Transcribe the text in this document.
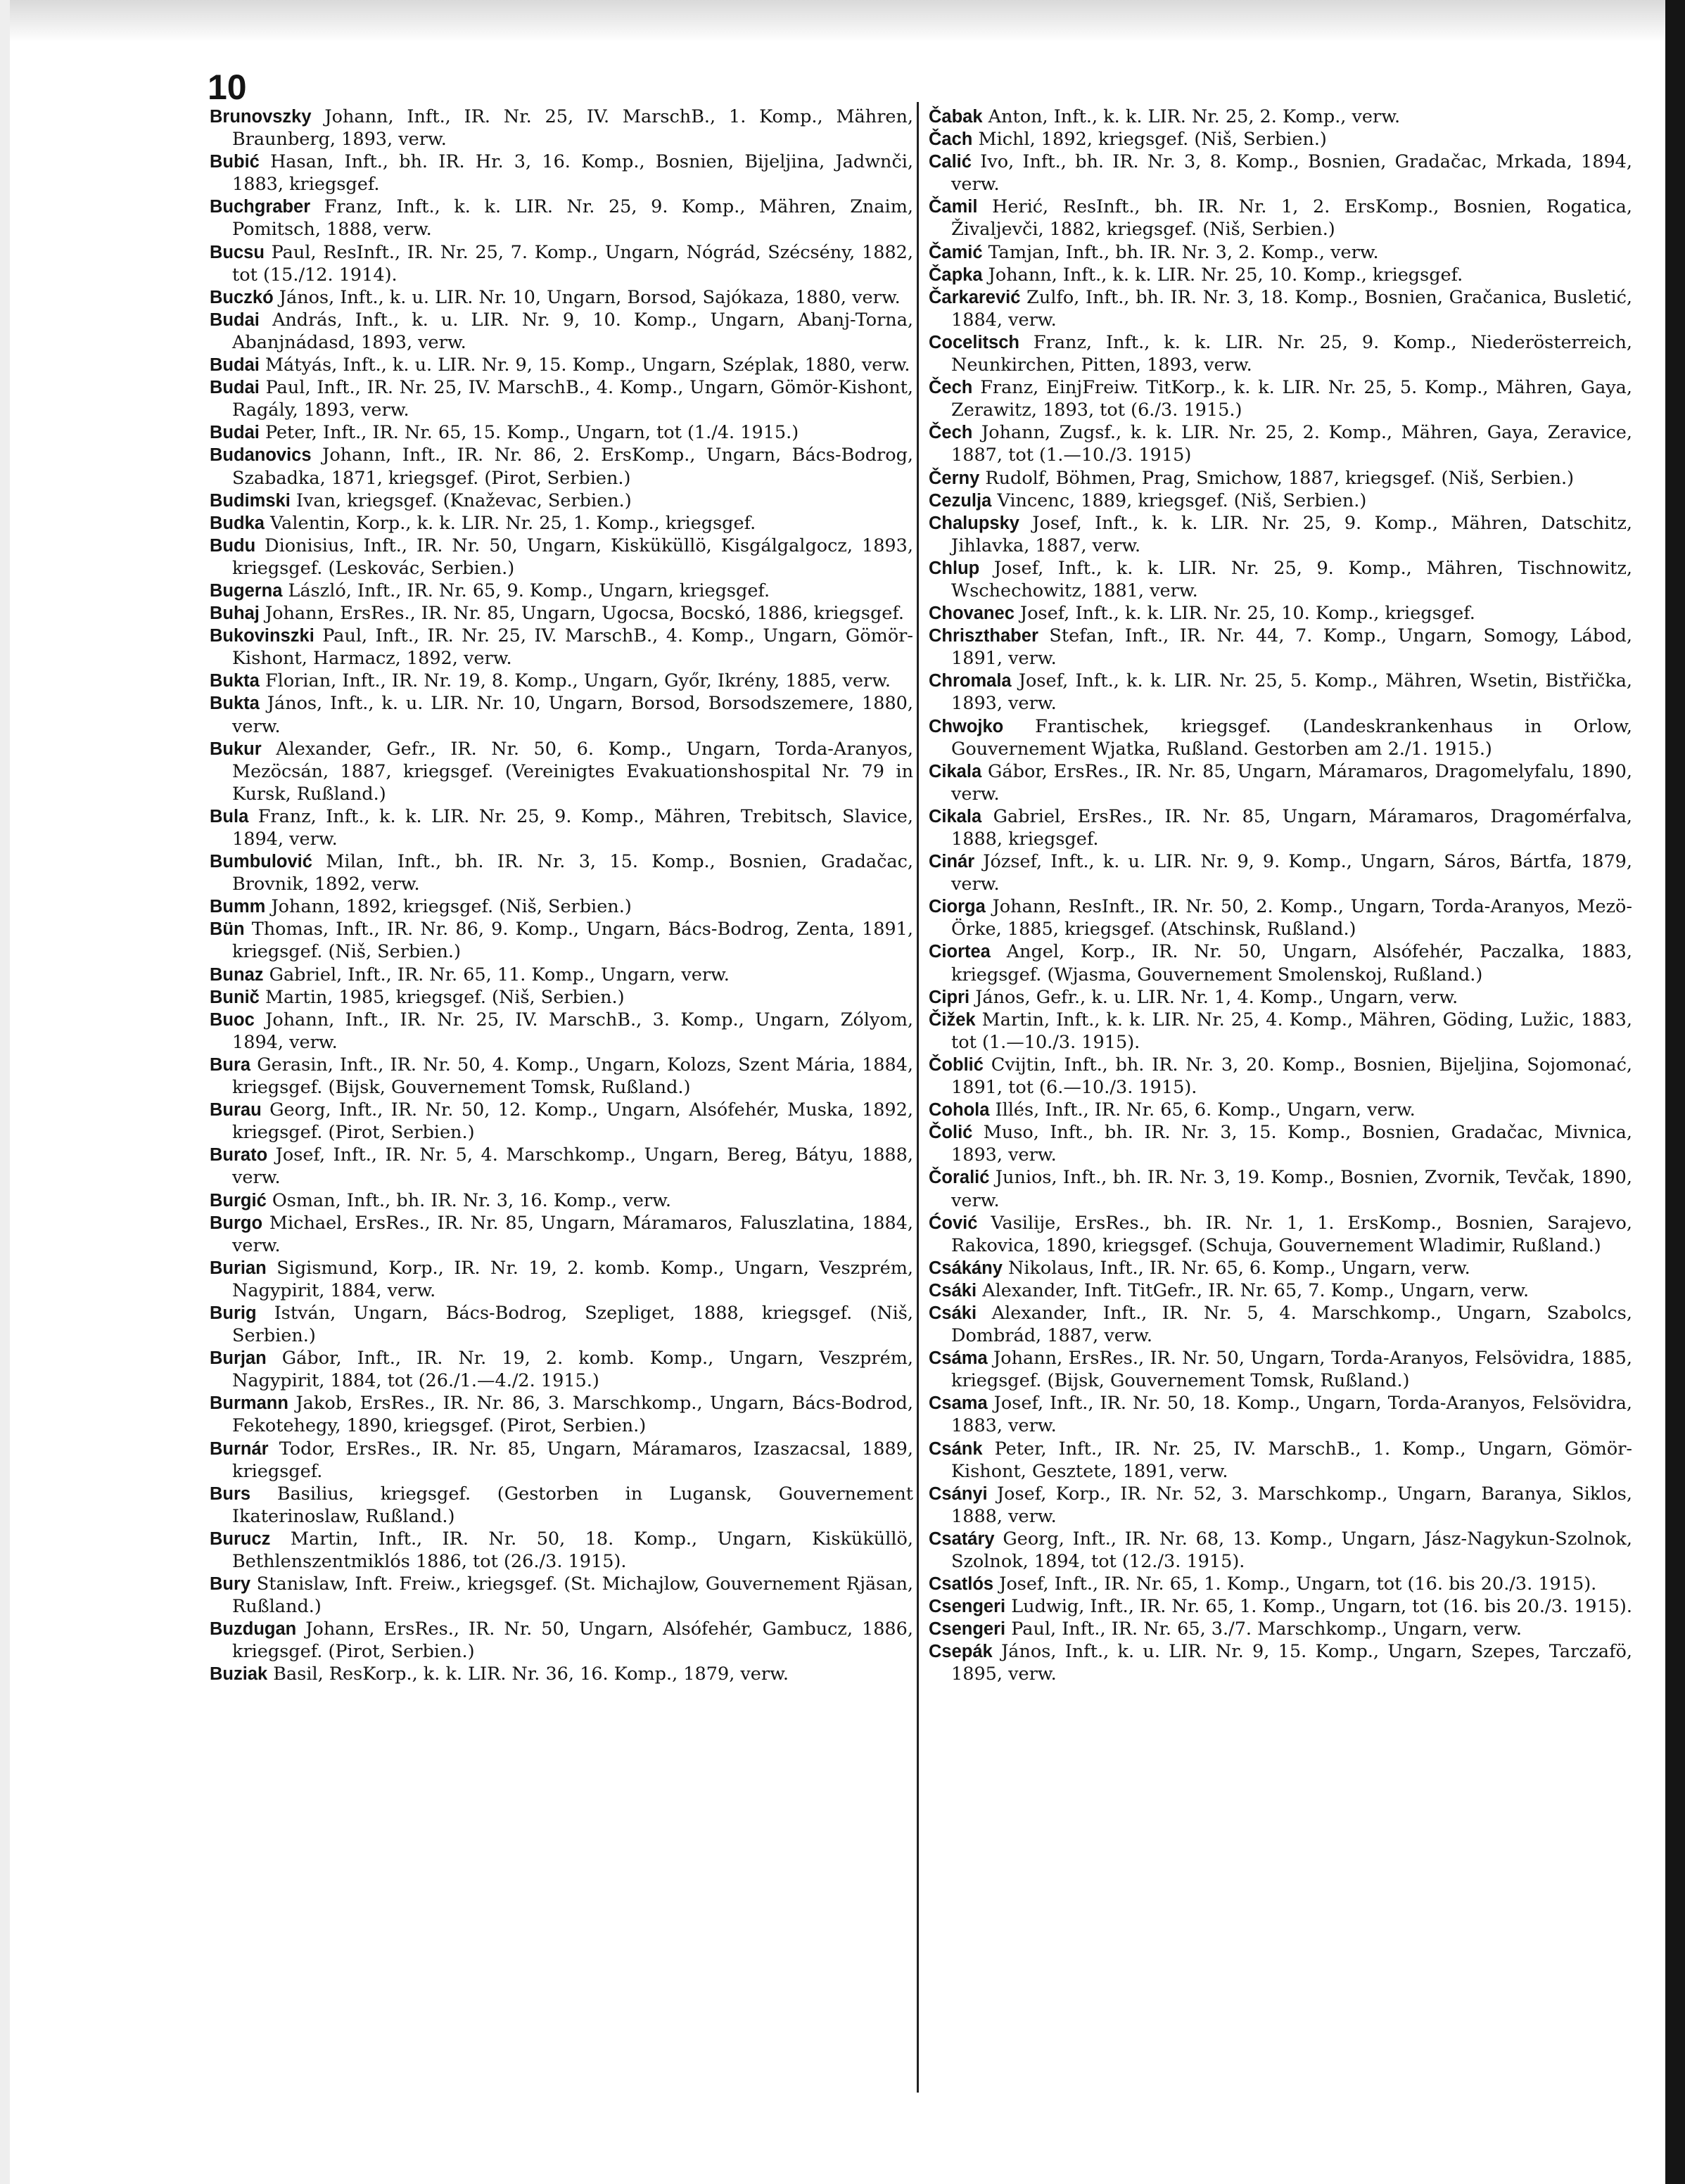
10

Brunovszky Johann, Inft., IR. Nr. 25, IV. MarschB., 1. Komp., Mähren, Braunberg, 1893, verw.

Bubić Hasan, Inft., bh. IR. Hr. 3, 16. Komp., Bosnien, Bijeljina, Jadwnči, 1883, kriegsgef.

Buchgraber Franz, Inft., k. k. LIR. Nr. 25, 9. Komp., Mähren, Znaim, Pomitsch, 1888, verw.

Bucsu Paul, ResInft., IR. Nr. 25, 7. Komp., Ungarn, Nógrád, Szécsény, 1882, tot (15./12. 1914).

Buczkó János, Inft., k. u. LIR. Nr. 10, Ungarn, Borsod, Sajókaza, 1880, verw.

Budai András, Inft., k. u. LIR. Nr. 9, 10. Komp., Ungarn, Abanj-Torna, Abanjnádasd, 1893, verw.

Budai Mátyás, Inft., k. u. LIR. Nr. 9, 15. Komp., Ungarn, Széplak, 1880, verw.

Budai Paul, Inft., IR. Nr. 25, IV. MarschB., 4. Komp., Ungarn, Gömör-Kishont, Ragály, 1893, verw.

Budai Peter, Inft., IR. Nr. 65, 15. Komp., Ungarn, tot (1./4. 1915.)

Budanovics Johann, Inft., IR. Nr. 86, 2. ErsKomp., Ungarn, Bács-Bodrog, Szabadka, 1871, kriegsgef. (Pirot, Serbien.)

Budimski Ivan, kriegsgef. (Knaževac, Serbien.)

Budka Valentin, Korp., k. k. LIR. Nr. 25, 1. Komp., kriegsgef.

Budu Dionisius, Inft., IR. Nr. 50, Ungarn, Kisküküllö, Kisgálgalgocz, 1893, kriegsgef. (Leskovác, Serbien.)

Bugerna László, Inft., IR. Nr. 65, 9. Komp., Ungarn, kriegsgef.

Buhaj Johann, ErsRes., IR. Nr. 85, Ungarn, Ugocsa, Bocskó, 1886, kriegsgef.

Bukovinszki Paul, Inft., IR. Nr. 25, IV. MarschB., 4. Komp., Ungarn, Gömör-Kishont, Harmacz, 1892, verw.

Bukta Florian, Inft., IR. Nr. 19, 8. Komp., Ungarn, Győr, Ikrény, 1885, verw.

Bukta János, Inft., k. u. LIR. Nr. 10, Ungarn, Borsod, Borsodszemere, 1880, verw.

Bukur Alexander, Gefr., IR. Nr. 50, 6. Komp., Ungarn, Torda-Aranyos, Mezöcsán, 1887, kriegsgef. (Vereinigtes Evakuationshospital Nr. 79 in Kursk, Rußland.)

Bula Franz, Inft., k. k. LIR. Nr. 25, 9. Komp., Mähren, Trebitsch, Slavice, 1894, verw.

Bumbulović Milan, Inft., bh. IR. Nr. 3, 15. Komp., Bosnien, Gradačac, Brovnik, 1892, verw.

Bumm Johann, 1892, kriegsgef. (Niš, Serbien.)

Bün Thomas, Inft., IR. Nr. 86, 9. Komp., Ungarn, Bács-Bodrog, Zenta, 1891, kriegsgef. (Niš, Serbien.)

Bunaz Gabriel, Inft., IR. Nr. 65, 11. Komp., Ungarn, verw.

Bunič Martin, 1985, kriegsgef. (Niš, Serbien.)

Buoc Johann, Inft., IR. Nr. 25, IV. MarschB., 3. Komp., Ungarn, Zólyom, 1894, verw.

Bura Gerasin, Inft., IR. Nr. 50, 4. Komp., Ungarn, Kolozs, Szent Mária, 1884, kriegsgef. (Bijsk, Gouvernement Tomsk, Rußland.)

Burau Georg, Inft., IR. Nr. 50, 12. Komp., Ungarn, Alsófehér, Muska, 1892, kriegsgef. (Pirot, Serbien.)

Burato Josef, Inft., IR. Nr. 5, 4. Marschkomp., Ungarn, Bereg, Bátyu, 1888, verw.

Burgić Osman, Inft., bh. IR. Nr. 3, 16. Komp., verw.

Burgo Michael, ErsRes., IR. Nr. 85, Ungarn, Máramaros, Faluszlatina, 1884, verw.

Burian Sigismund, Korp., IR. Nr. 19, 2. komb. Komp., Ungarn, Veszprém, Nagypirit, 1884, verw.

Burig István, Ungarn, Bács-Bodrog, Szepliget, 1888, kriegsgef. (Niš, Serbien.)

Burjan Gábor, Inft., IR. Nr. 19, 2. komb. Komp., Ungarn, Veszprém, Nagypirit, 1884, tot (26./1.—4./2. 1915.)

Burmann Jakob, ErsRes., IR. Nr. 86, 3. Marschkomp., Ungarn, Bács-Bodrod, Fekotehegy, 1890, kriegsgef. (Pirot, Serbien.)

Burnár Todor, ErsRes., IR. Nr. 85, Ungarn, Máramaros, Izaszacsal, 1889, kriegsgef.

Burs Basilius, kriegsgef. (Gestorben in Lugansk, Gouvernement Ikaterinoslaw, Rußland.)

Burucz Martin, Inft., IR. Nr. 50, 18. Komp., Ungarn, Kisküküllö, Bethlenszentmiklós 1886, tot (26./3. 1915).

Bury Stanislaw, Inft. Freiw., kriegsgef. (St. Michajlow, Gouvernement Rjäsan, Rußland.)

Buzdugan Johann, ErsRes., IR. Nr. 50, Ungarn, Alsófehér, Gambucz, 1886, kriegsgef. (Pirot, Serbien.)

Buziak Basil, ResKorp., k. k. LIR. Nr. 36, 16. Komp., 1879, verw.

Čabak Anton, Inft., k. k. LIR. Nr. 25, 2. Komp., verw.

Čach Michl, 1892, kriegsgef. (Niš, Serbien.)

Calić Ivo, Inft., bh. IR. Nr. 3, 8. Komp., Bosnien, Gradačac, Mrkada, 1894, verw.

Čamil Herić, ResInft., bh. IR. Nr. 1, 2. ErsKomp., Bosnien, Rogatica, Živaljevči, 1882, kriegsgef. (Niš, Serbien.)

Čamić Tamjan, Inft., bh. IR. Nr. 3, 2. Komp., verw.

Čapka Johann, Inft., k. k. LIR. Nr. 25, 10. Komp., kriegsgef.

Čarkarević Zulfo, Inft., bh. IR. Nr. 3, 18. Komp., Bosnien, Gračanica, Busletić, 1884, verw.

Cocelitsch Franz, Inft., k. k. LIR. Nr. 25, 9. Komp., Niederösterreich, Neunkirchen, Pitten, 1893, verw.

Čech Franz, EinjFreiw. TitKorp., k. k. LIR. Nr. 25, 5. Komp., Mähren, Gaya, Zerawitz, 1893, tot (6./3. 1915.)

Čech Johann, Zugsf., k. k. LIR. Nr. 25, 2. Komp., Mähren, Gaya, Zeravice, 1887, tot (1.—10./3. 1915)

Černy Rudolf, Böhmen, Prag, Smichow, 1887, kriegsgef. (Niš, Serbien.)

Cezulja Vincenc, 1889, kriegsgef. (Niš, Serbien.)

Chalupsky Josef, Inft., k. k. LIR. Nr. 25, 9. Komp., Mähren, Datschitz, Jihlavka, 1887, verw.

Chlup Josef, Inft., k. k. LIR. Nr. 25, 9. Komp., Mähren, Tischnowitz, Wschechowitz, 1881, verw.

Chovanec Josef, Inft., k. k. LIR. Nr. 25, 10. Komp., kriegsgef.

Chriszthaber Stefan, Inft., IR. Nr. 44, 7. Komp., Ungarn, Somogy, Lábod, 1891, verw.

Chromala Josef, Inft., k. k. LIR. Nr. 25, 5. Komp., Mähren, Wsetin, Bistřička, 1893, verw.

Chwojko Frantischek, kriegsgef. (Landeskrankenhaus in Orlow, Gouvernement Wjatka, Rußland. Gestorben am 2./1. 1915.)

Cikala Gábor, ErsRes., IR. Nr. 85, Ungarn, Máramaros, Dragomelyfalu, 1890, verw.

Cikala Gabriel, ErsRes., IR. Nr. 85, Ungarn, Máramaros, Dragomérfalva, 1888, kriegsgef.

Cinár József, Inft., k. u. LIR. Nr. 9, 9. Komp., Ungarn, Sáros, Bártfa, 1879, verw.

Ciorga Johann, ResInft., IR. Nr. 50, 2. Komp., Ungarn, Torda-Aranyos, Mezö-Örke, 1885, kriegsgef. (Atschinsk, Rußland.)

Ciortea Angel, Korp., IR. Nr. 50, Ungarn, Alsófehér, Paczalka, 1883, kriegsgef. (Wjasma, Gouvernement Smolenskoj, Rußland.)

Cipri János, Gefr., k. u. LIR. Nr. 1, 4. Komp., Ungarn, verw.

Čižek Martin, Inft., k. k. LIR. Nr. 25, 4. Komp., Mähren, Göding, Lužic, 1883, tot (1.—10./3. 1915).

Čoblić Cvijtin, Inft., bh. IR. Nr. 3, 20. Komp., Bosnien, Bijeljina, Sojomonać, 1891, tot (6.—10./3. 1915).

Cohola Illés, Inft., IR. Nr. 65, 6. Komp., Ungarn, verw.

Čolić Muso, Inft., bh. IR. Nr. 3, 15. Komp., Bosnien, Gradačac, Mivnica, 1893, verw.

Čoralić Junios, Inft., bh. IR. Nr. 3, 19. Komp., Bosnien, Zvornik, Tevčak, 1890, verw.

Ćović Vasilije, ErsRes., bh. IR. Nr. 1, 1. ErsKomp., Bosnien, Sarajevo, Rakovica, 1890, kriegsgef. (Schuja, Gouvernement Wladimir, Rußland.)

Csákány Nikolaus, Inft., IR. Nr. 65, 6. Komp., Ungarn, verw.

Csáki Alexander, Inft. TitGefr., IR. Nr. 65, 7. Komp., Ungarn, verw.

Csáki Alexander, Inft., IR. Nr. 5, 4. Marschkomp., Ungarn, Szabolcs, Dombrád, 1887, verw.

Csáma Johann, ErsRes., IR. Nr. 50, Ungarn, Torda-Aranyos, Felsövidra, 1885, kriegsgef. (Bijsk, Gouvernement Tomsk, Rußland.)

Csama Josef, Inft., IR. Nr. 50, 18. Komp., Ungarn, Torda-Aranyos, Felsövidra, 1883, verw.

Csánk Peter, Inft., IR. Nr. 25, IV. MarschB., 1. Komp., Ungarn, Gömör-Kishont, Gesztete, 1891, verw.

Csányi Josef, Korp., IR. Nr. 52, 3. Marschkomp., Ungarn, Baranya, Siklos, 1888, verw.

Csatáry Georg, Inft., IR. Nr. 68, 13. Komp., Ungarn, Jász-Nagykun-Szolnok, Szolnok, 1894, tot (12./3. 1915).

Csatlós Josef, Inft., IR. Nr. 65, 1. Komp., Ungarn, tot (16. bis 20./3. 1915).

Csengeri Ludwig, Inft., IR. Nr. 65, 1. Komp., Ungarn, tot (16. bis 20./3. 1915).

Csengeri Paul, Inft., IR. Nr. 65, 3./7. Marschkomp., Ungarn, verw.

Csepák János, Inft., k. u. LIR. Nr. 9, 15. Komp., Ungarn, Szepes, Tarczafö, 1895, verw.
